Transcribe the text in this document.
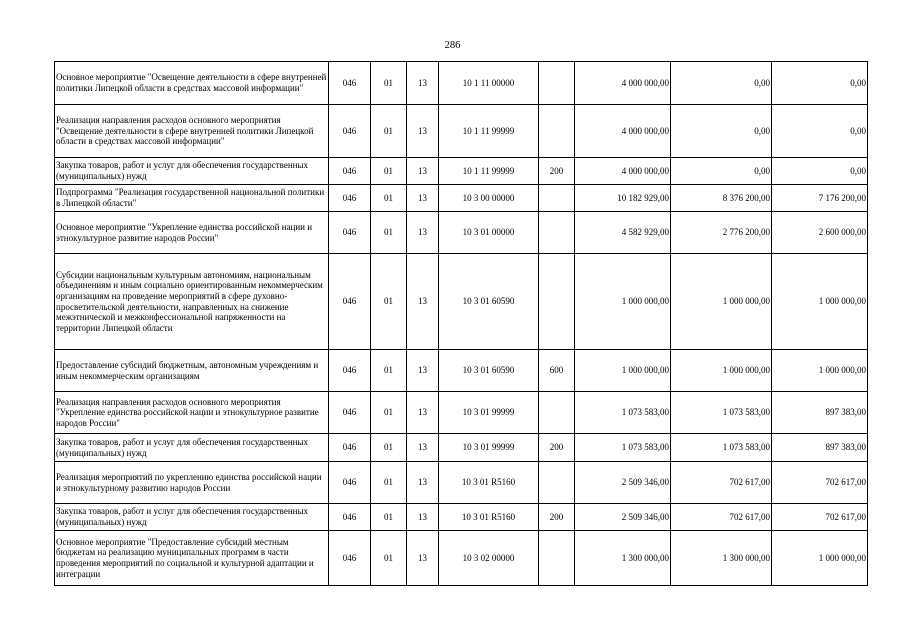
286
Основное мероприятие "Освещение деятельности в сфере внутренней политики Липецкой области в средствах массовой информации"	046	01	13	10 1 11 00000		4 000 000,00	0,00	0,00
Реализация направления расходов основного мероприятия "Освещение деятельности в сфере внутренней политики Липецкой области в средствах массовой информации"	046	01	13	10 1 11 99999		4 000 000,00	0,00	0,00
Закупка товаров, работ и услуг для обеспечения государственных (муниципальных) нужд	046	01	13	10 1 11 99999	200	4 000 000,00	0,00	0,00
Подпрограмма "Реализация государственной национальной политики в Липецкой области"	046	01	13	10 3 00 00000		10 182 929,00	8 376 200,00	7 176 200,00
Основное мероприятие "Укрепление единства российской нации и этнокультурное развитие народов России"	046	01	13	10 3 01 00000		4 582 929,00	2 776 200,00	2 600 000,00
Субсидии национальным культурным автономиям, национальным объединениям и иным социально ориентированным некоммерческим организациям на проведение мероприятий в сфере духовно-просветительской деятельности, направленных на снижение межэтнической и межконфессиональной напряженности на территории Липецкой области	046	01	13	10 3 01 60590		1 000 000,00	1 000 000,00	1 000 000,00
Предоставление субсидий бюджетным, автономным учреждениям и иным некоммерческим организациям	046	01	13	10 3 01 60590	600	1 000 000,00	1 000 000,00	1 000 000,00
Реализация направления расходов основного мероприятия "Укрепление единства российской нации и этнокультурное развитие народов России"	046	01	13	10 3 01 99999		1 073 583,00	1 073 583,00	897 383,00
Закупка товаров, работ и услуг для обеспечения государственных (муниципальных) нужд	046	01	13	10 3 01 99999	200	1 073 583,00	1 073 583,00	897 383,00
Реализация мероприятий по укреплению единства российской нации и этнокультурному развитию народов России	046	01	13	10 3 01 R5160		2 509 346,00	702 617,00	702 617,00
Закупка товаров, работ и услуг для обеспечения государственных (муниципальных) нужд	046	01	13	10 3 01 R5160	200	2 509 346,00	702 617,00	702 617,00
Основное мероприятие "Предоставление субсидий местным бюджетам на реализацию муниципальных программ в части проведения мероприятий по социальной и культурной адаптации и интеграции	046	01	13	10 3 02 00000		1 300 000,00	1 300 000,00	1 000 000,00
